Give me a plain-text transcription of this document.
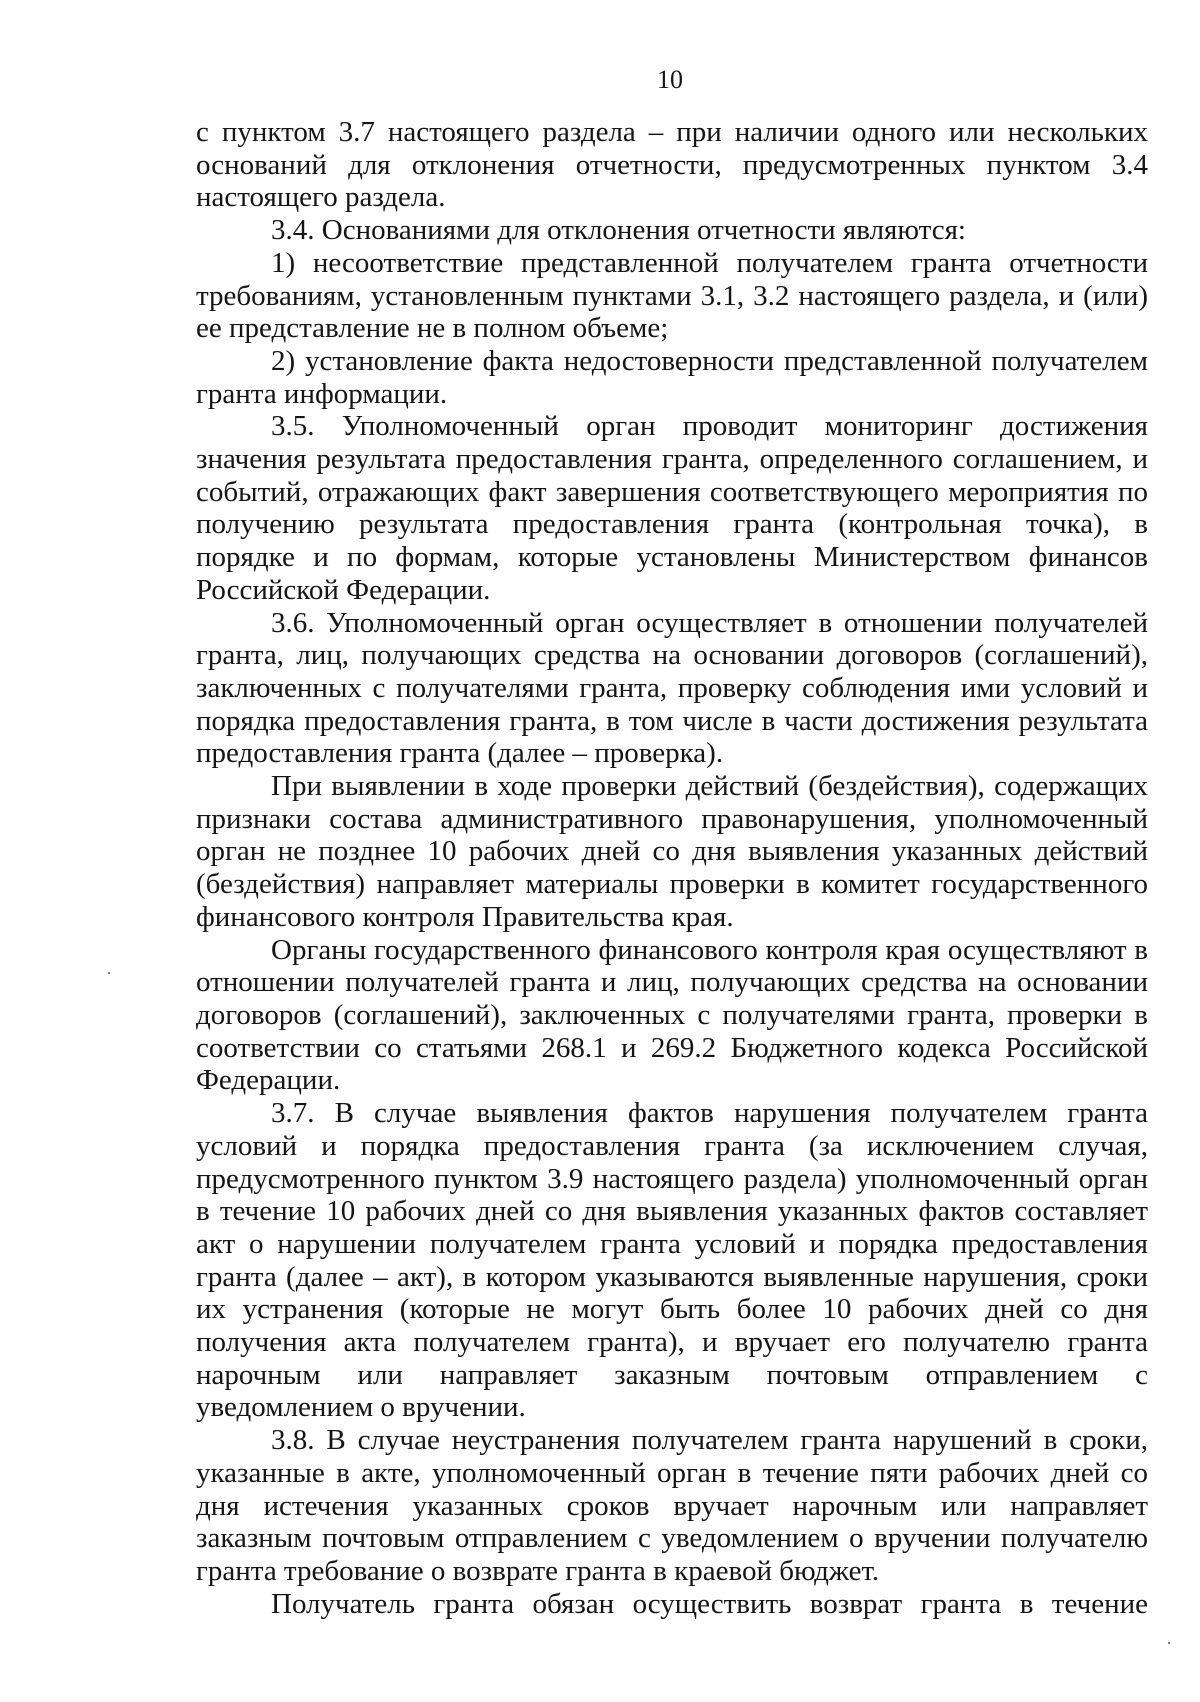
10

с пунктом 3.7 настоящего раздела – при наличии одного или нескольких оснований для отклонения отчетности, предусмотренных пунктом 3.4 настоящего раздела.

3.4. Основаниями для отклонения отчетности являются:

1) несоответствие представленной получателем гранта отчетности требованиям, установленным пунктами 3.1, 3.2 настоящего раздела, и (или) ее представление не в полном объеме;

2) установление факта недостоверности представленной получателем гранта информации.

3.5. Уполномоченный орган проводит мониторинг достижения значения результата предоставления гранта, определенного соглашением, и событий, отражающих факт завершения соответствующего мероприятия по получению результата предоставления гранта (контрольная точка), в порядке и по формам, которые установлены Министерством финансов Российской Федерации.

3.6. Уполномоченный орган осуществляет в отношении получателей гранта, лиц, получающих средства на основании договоров (соглашений), заключенных с получателями гранта, проверку соблюдения ими условий и порядка предоставления гранта, в том числе в части достижения результата предоставления гранта (далее – проверка).

При выявлении в ходе проверки действий (бездействия), содержащих признаки состава административного правонарушения, уполномоченный орган не позднее 10 рабочих дней со дня выявления указанных действий (бездействия) направляет материалы проверки в комитет государственного финансового контроля Правительства края.

Органы государственного финансового контроля края осуществляют в отношении получателей гранта и лиц, получающих средства на основании договоров (соглашений), заключенных с получателями гранта, проверки в соответствии со статьями 268.1 и 269.2 Бюджетного кодекса Российской Федерации.

3.7. В случае выявления фактов нарушения получателем гранта условий и порядка предоставления гранта (за исключением случая, предусмотренного пунктом 3.9 настоящего раздела) уполномоченный орган в течение 10 рабочих дней со дня выявления указанных фактов составляет акт о нарушении получателем гранта условий и порядка предоставления гранта (далее – акт), в котором указываются выявленные нарушения, сроки их устранения (которые не могут быть более 10 рабочих дней со дня получения акта получателем гранта), и вручает его получателю гранта нарочным или направляет заказным почтовым отправлением с уведомлением о вручении.

3.8. В случае неустранения получателем гранта нарушений в сроки, указанные в акте, уполномоченный орган в течение пяти рабочих дней со дня истечения указанных сроков вручает нарочным или направляет заказным почтовым отправлением с уведомлением о вручении получателю гранта требование о возврате гранта в краевой бюджет.

Получатель гранта обязан осуществить возврат гранта в течение
